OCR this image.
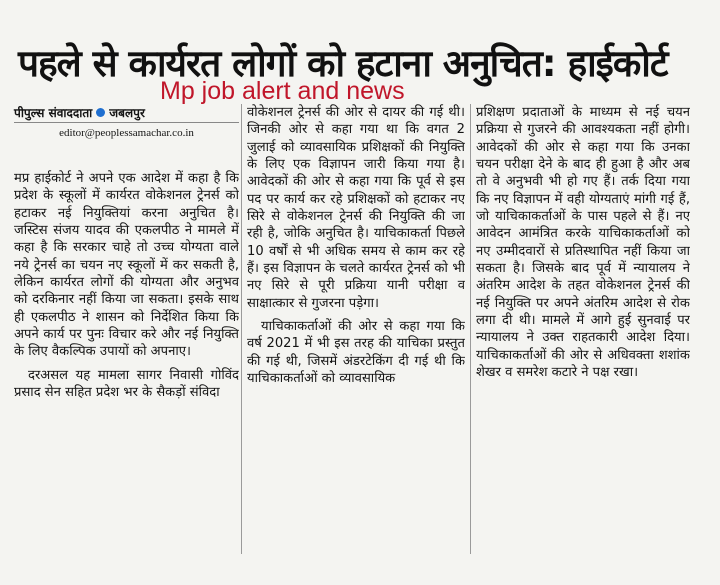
पहले से कार्यरत लोगों को हटाना अनुचित: हाईकोर्ट
पीपुल्स संवाददाता जबलपुर
editor@peoplessamachar.co.in

मप्र हाईकोर्ट ने अपने एक आदेश में कहा है कि प्रदेश के स्कूलों में कार्यरत वोकेशनल ट्रेनर्स को हटाकर नई नियुक्तियां करना अनुचित है। जस्टिस संजय यादव की एकलपीठ ने मामले में कहा है कि सरकार चाहे तो उच्च योग्यता वाले नये ट्रेनर्स का चयन नए स्कूलों में कर सकती है, लेकिन कार्यरत लोगों की योग्यता और अनुभव को दरकिनार नहीं किया जा सकता। इसके साथ ही एकलपीठ ने शासन को निर्देशित किया कि अपने कार्य पर पुनः विचार करे और नई नियुक्ति के लिए वैकल्पिक उपायों को अपनाए।

दरअसल यह मामला सागर निवासी गोविंद प्रसाद सेन सहित प्रदेश भर के सैकड़ों संविदा

वोकेशनल ट्रेनर्स की ओर से दायर की गई थी। जिनकी ओर से कहा गया था कि वगत 2 जुलाई को व्यावसायिक प्रशिक्षकों की नियुक्ति के लिए एक विज्ञापन जारी किया गया है। आवेदकों की ओर से कहा गया कि पूर्व से इस पद पर कार्य कर रहे प्रशिक्षकों को हटाकर नए सिरे से वोकेशनल ट्रेनर्स की नियुक्ति की जा रही है, जोकि अनुचित है। याचिकाकर्ता पिछले 10 वर्षों से भी अधिक समय से काम कर रहे हैं। इस विज्ञापन के चलते कार्यरत ट्रेनर्स को भी नए सिरे से पूरी प्रक्रिया यानी परीक्षा व साक्षात्कार से गुजरना पड़ेगा।

याचिकाकर्ताओं की ओर से कहा गया कि वर्ष 2021 में भी इस तरह की याचिका प्रस्तुत की गई थी, जिसमें अंडरटेकिंग दी गई थी कि याचिकाकर्ताओं को व्यावसायिक

प्रशिक्षण प्रदाताओं के माध्यम से नई चयन प्रक्रिया से गुजरने की आवश्यकता नहीं होगी। आवेदकों की ओर से कहा गया कि उनका चयन परीक्षा देने के बाद ही हुआ है और अब तो वे अनुभवी भी हो गए हैं। तर्क दिया गया कि नए विज्ञापन में वही योग्यताएं मांगी गई हैं, जो याचिकाकर्ताओं के पास पहले से हैं। नए आवेदन आमंत्रित करके याचिकाकर्ताओं को नए उम्मीदवारों से प्रतिस्थापित नहीं किया जा सकता है। जिसके बाद पूर्व में न्यायालय ने अंतरिम आदेश के तहत वोकेशनल ट्रेनर्स की नई नियुक्ति पर अपने अंतरिम आदेश से रोक लगा दी थी। मामले में आगे हुई सुनवाई पर न्यायालय ने उक्त राहतकारी आदेश दिया। याचिकाकर्ताओं की ओर से अधिवक्ता शशांक शेखर व समरेश कटारे ने पक्ष रखा।

Mp job alert and news
